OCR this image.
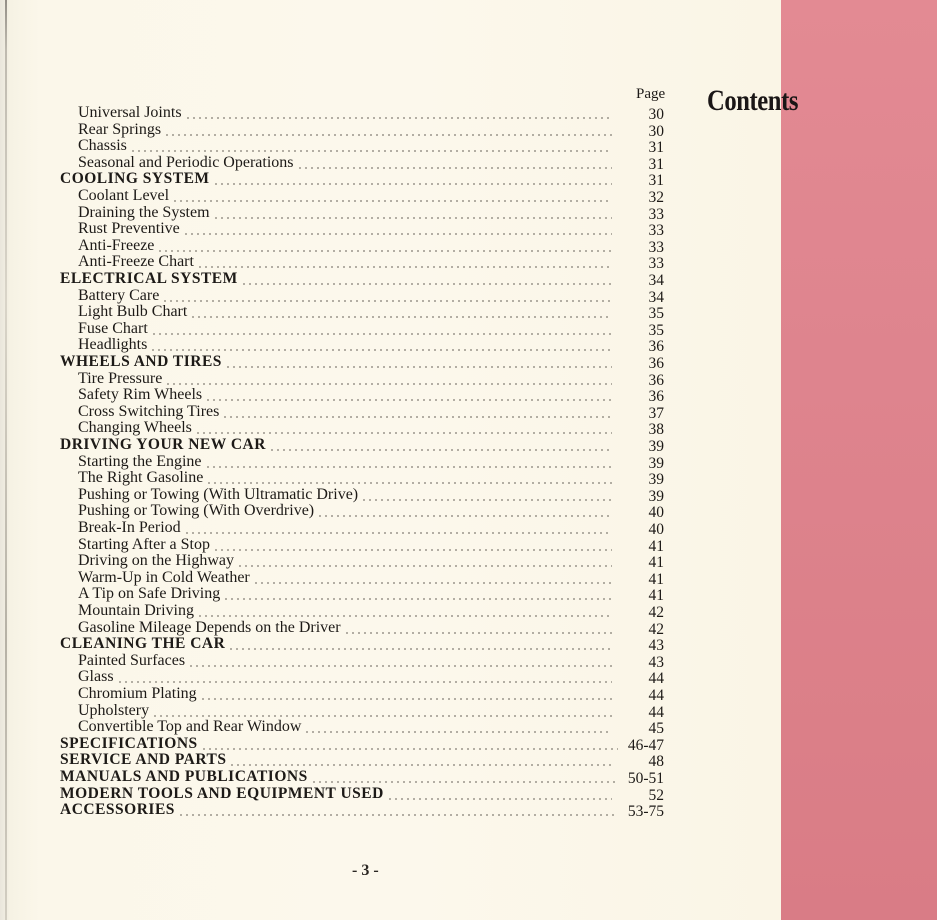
Contents
Page
Universal Joints	30
Rear Springs	30
Chassis	31
Seasonal and Periodic Operations	31
COOLING SYSTEM	31
Coolant Level	32
Draining the System	33
Rust Preventive	33
Anti-Freeze	33
Anti-Freeze Chart	33
ELECTRICAL SYSTEM	34
Battery Care	34
Light Bulb Chart	35
Fuse Chart	35
Headlights	36
WHEELS AND TIRES	36
Tire Pressure	36
Safety Rim Wheels	36
Cross Switching Tires	37
Changing Wheels	38
DRIVING YOUR NEW CAR	39
Starting the Engine	39
The Right Gasoline	39
Pushing or Towing (With Ultramatic Drive)	39
Pushing or Towing (With Overdrive)	40
Break-In Period	40
Starting After a Stop	41
Driving on the Highway	41
Warm-Up in Cold Weather	41
A Tip on Safe Driving	41
Mountain Driving	42
Gasoline Mileage Depends on the Driver	42
CLEANING THE CAR	43
Painted Surfaces	43
Glass	44
Chromium Plating	44
Upholstery	44
Convertible Top and Rear Window	45
SPECIFICATIONS	46-47
SERVICE AND PARTS	48
MANUALS AND PUBLICATIONS	50-51
MODERN TOOLS AND EQUIPMENT USED	52
ACCESSORIES	53-75
- 3 -
